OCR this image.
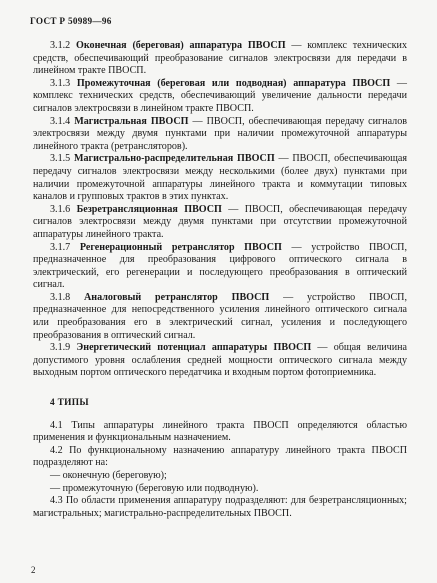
ГОСТ Р 50989—96

3.1.2 Оконечная (береговая) аппаратура ПВОСП — комплекс технических средств, обеспечивающий преобразование сигналов электросвязи для передачи в линейном тракте ПВОСП.

3.1.3 Промежуточная (береговая или подводная) аппаратура ПВОСП — комплекс технических средств, обеспечивающий увеличение дальности передачи сигналов электросвязи в линейном тракте ПВОСП.

3.1.4 Магистральная ПВОСП — ПВОСП, обеспечивающая передачу сигналов электросвязи между двумя пунктами при наличии промежуточной аппаратуры линейного тракта (ретрансляторов).

3.1.5 Магистрально-распределительная ПВОСП — ПВОСП, обеспечивающая передачу сигналов электросвязи между несколькими (более двух) пунктами при наличии промежуточной аппаратуры линейного тракта и коммутации типовых каналов и групповых трактов в этих пунктах.

3.1.6 Безретрансляционная ПВОСП — ПВОСП, обеспечивающая передачу сигналов электросвязи между двумя пунктами при отсутствии промежуточной аппаратуры линейного тракта.

3.1.7 Регенерационный ретранслятор ПВОСП — устройство ПВОСП, предназначенное для преобразования цифрового оптического сигнала в электрический, его регенерации и последующего преобразования в оптический сигнал.

3.1.8 Аналоговый ретранслятор ПВОСП — устройство ПВОСП, предназначенное для непосредственного усиления линейного оптического сигнала или преобразования его в электрический сигнал, усиления и последующего преобразования в оптический сигнал.

3.1.9 Энергетический потенциал аппаратуры ПВОСП — общая величина допустимого уровня ослабления средней мощности оптического сигнала между выходным портом оптического передатчика и входным портом фотоприемника.

4 ТИПЫ

4.1 Типы аппаратуры линейного тракта ПВОСП определяются областью применения и функциональным назначением.

4.2 По функциональному назначению аппаратуру линейного тракта ПВОСП подразделяют на:

— оконечную (береговую);

— промежуточную (береговую или подводную).

4.3 По области применения аппаратуру подразделяют: для безретрансляционных; магистральных; магистрально-распределительных ПВОСП.

2
